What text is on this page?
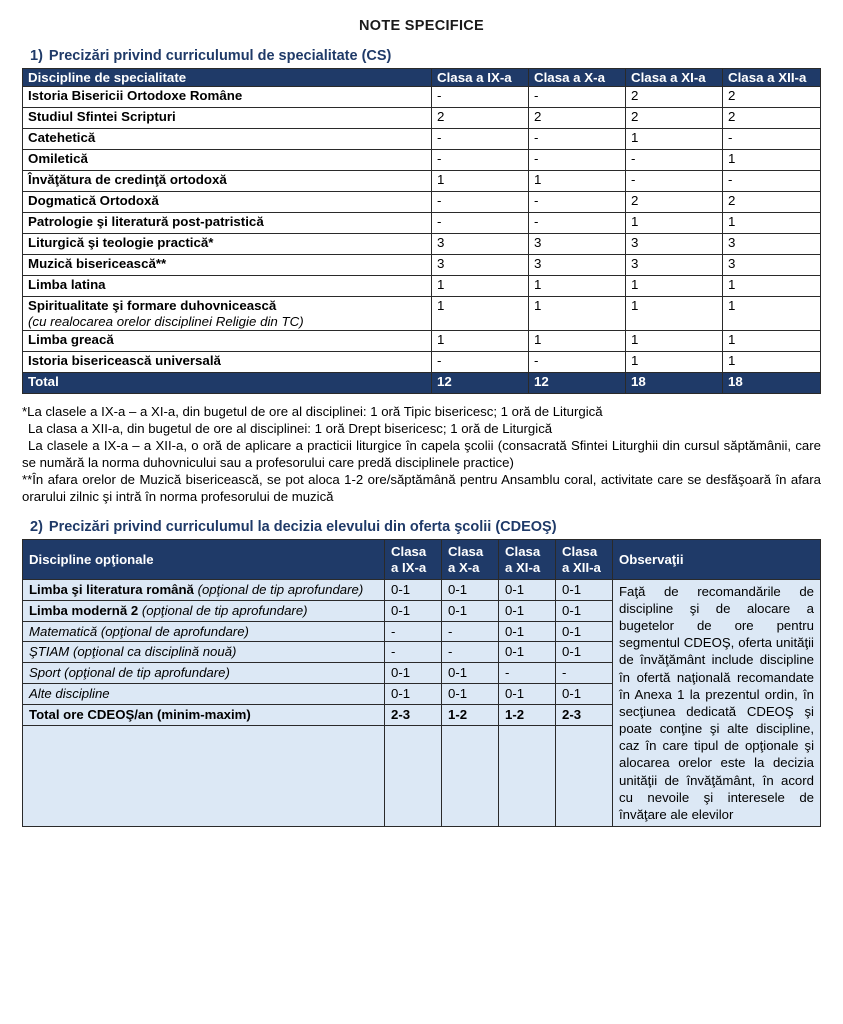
NOTE SPECIFICE
1) Precizări privind curriculumul de specialitate (CS)
Discipline de specialitate	Clasa a IX-a	Clasa a X-a	Clasa a XI-a	Clasa a XII-a
Istoria Bisericii Ortodoxe Române	-	-	2	2
Studiul Sfintei Scripturi	2	2	2	2
Catehetică	-	-	1	-
Omiletică	-	-	-	1
Învăţătura de credinţă ortodoxă	1	1	-	-
Dogmatică Ortodoxă	-	-	2	2
Patrologie şi literatură post-patristică	-	-	1	1
Liturgică şi teologie practică*	3	3	3	3
Muzică bisericească**	3	3	3	3
Limba latina	1	1	1	1
Spiritualitate şi formare duhovnicească
(cu realocarea orelor disciplinei Religie din TC)	1	1	1	1
Limba greacă	1	1	1	1
Istoria bisericească universală	-	-	1	1
Total	12	12	18	18

*La clasele a IX-a – a XI-a, din bugetul de ore al disciplinei: 1 oră Tipic bisericesc; 1 oră de Liturgică

La clasa a XII-a, din bugetul de ore al disciplinei: 1 oră Drept bisericesc; 1 oră de Liturgică

La clasele a IX-a – a XII-a, o oră de aplicare a practicii liturgice în capela şcolii (consacrată Sfintei Liturghii din cursul săptămânii, care se numără la norma duhovnicului sau a profesorului care predă disciplinele practice)

**În afara orelor de Muzică bisericească, se pot aloca 1-2 ore/săptămână pentru Ansamblu coral, activitate care se desfăşoară în afara orarului zilnic şi intră în norma profesorului de muzică

2) Precizări privind curriculumul la decizia elevului din oferta şcolii (CDEOŞ)
Discipline opţionale	Clasa a IX-a	Clasa a X-a	Clasa a XI-a	Clasa a XII-a	Observaţii
Limba şi literatura română (opţional de tip aprofundare)	0-1	0-1	0-1	0-1	Faţă de recomandările de discipline şi de alocare a bugetelor de ore pentru segmentul CDEOŞ, oferta unităţii de învăţământ include discipline în ofertă naţională recomandate în Anexa 1 la prezentul ordin, în secţiunea dedicată CDEOŞ şi poate conţine şi alte discipline, caz în care tipul de opţionale şi alocarea orelor este la decizia unităţii de învăţământ, în acord cu nevoile şi interesele de învăţare ale elevilor
Limba modernă 2 (opţional de tip aprofundare)	0-1	0-1	0-1	0-1	
Matematică (opţional de aprofundare)	-	-	0-1	0-1	
ŞTIAM (opţional ca disciplină nouă)	-	-	0-1	0-1	
Sport (opţional de tip aprofundare)	0-1	0-1	-	-	
Alte discipline	0-1	0-1	0-1	0-1	
Total ore CDEOŞ/an (minim-maxim)	2-3	1-2	1-2	2-3	
